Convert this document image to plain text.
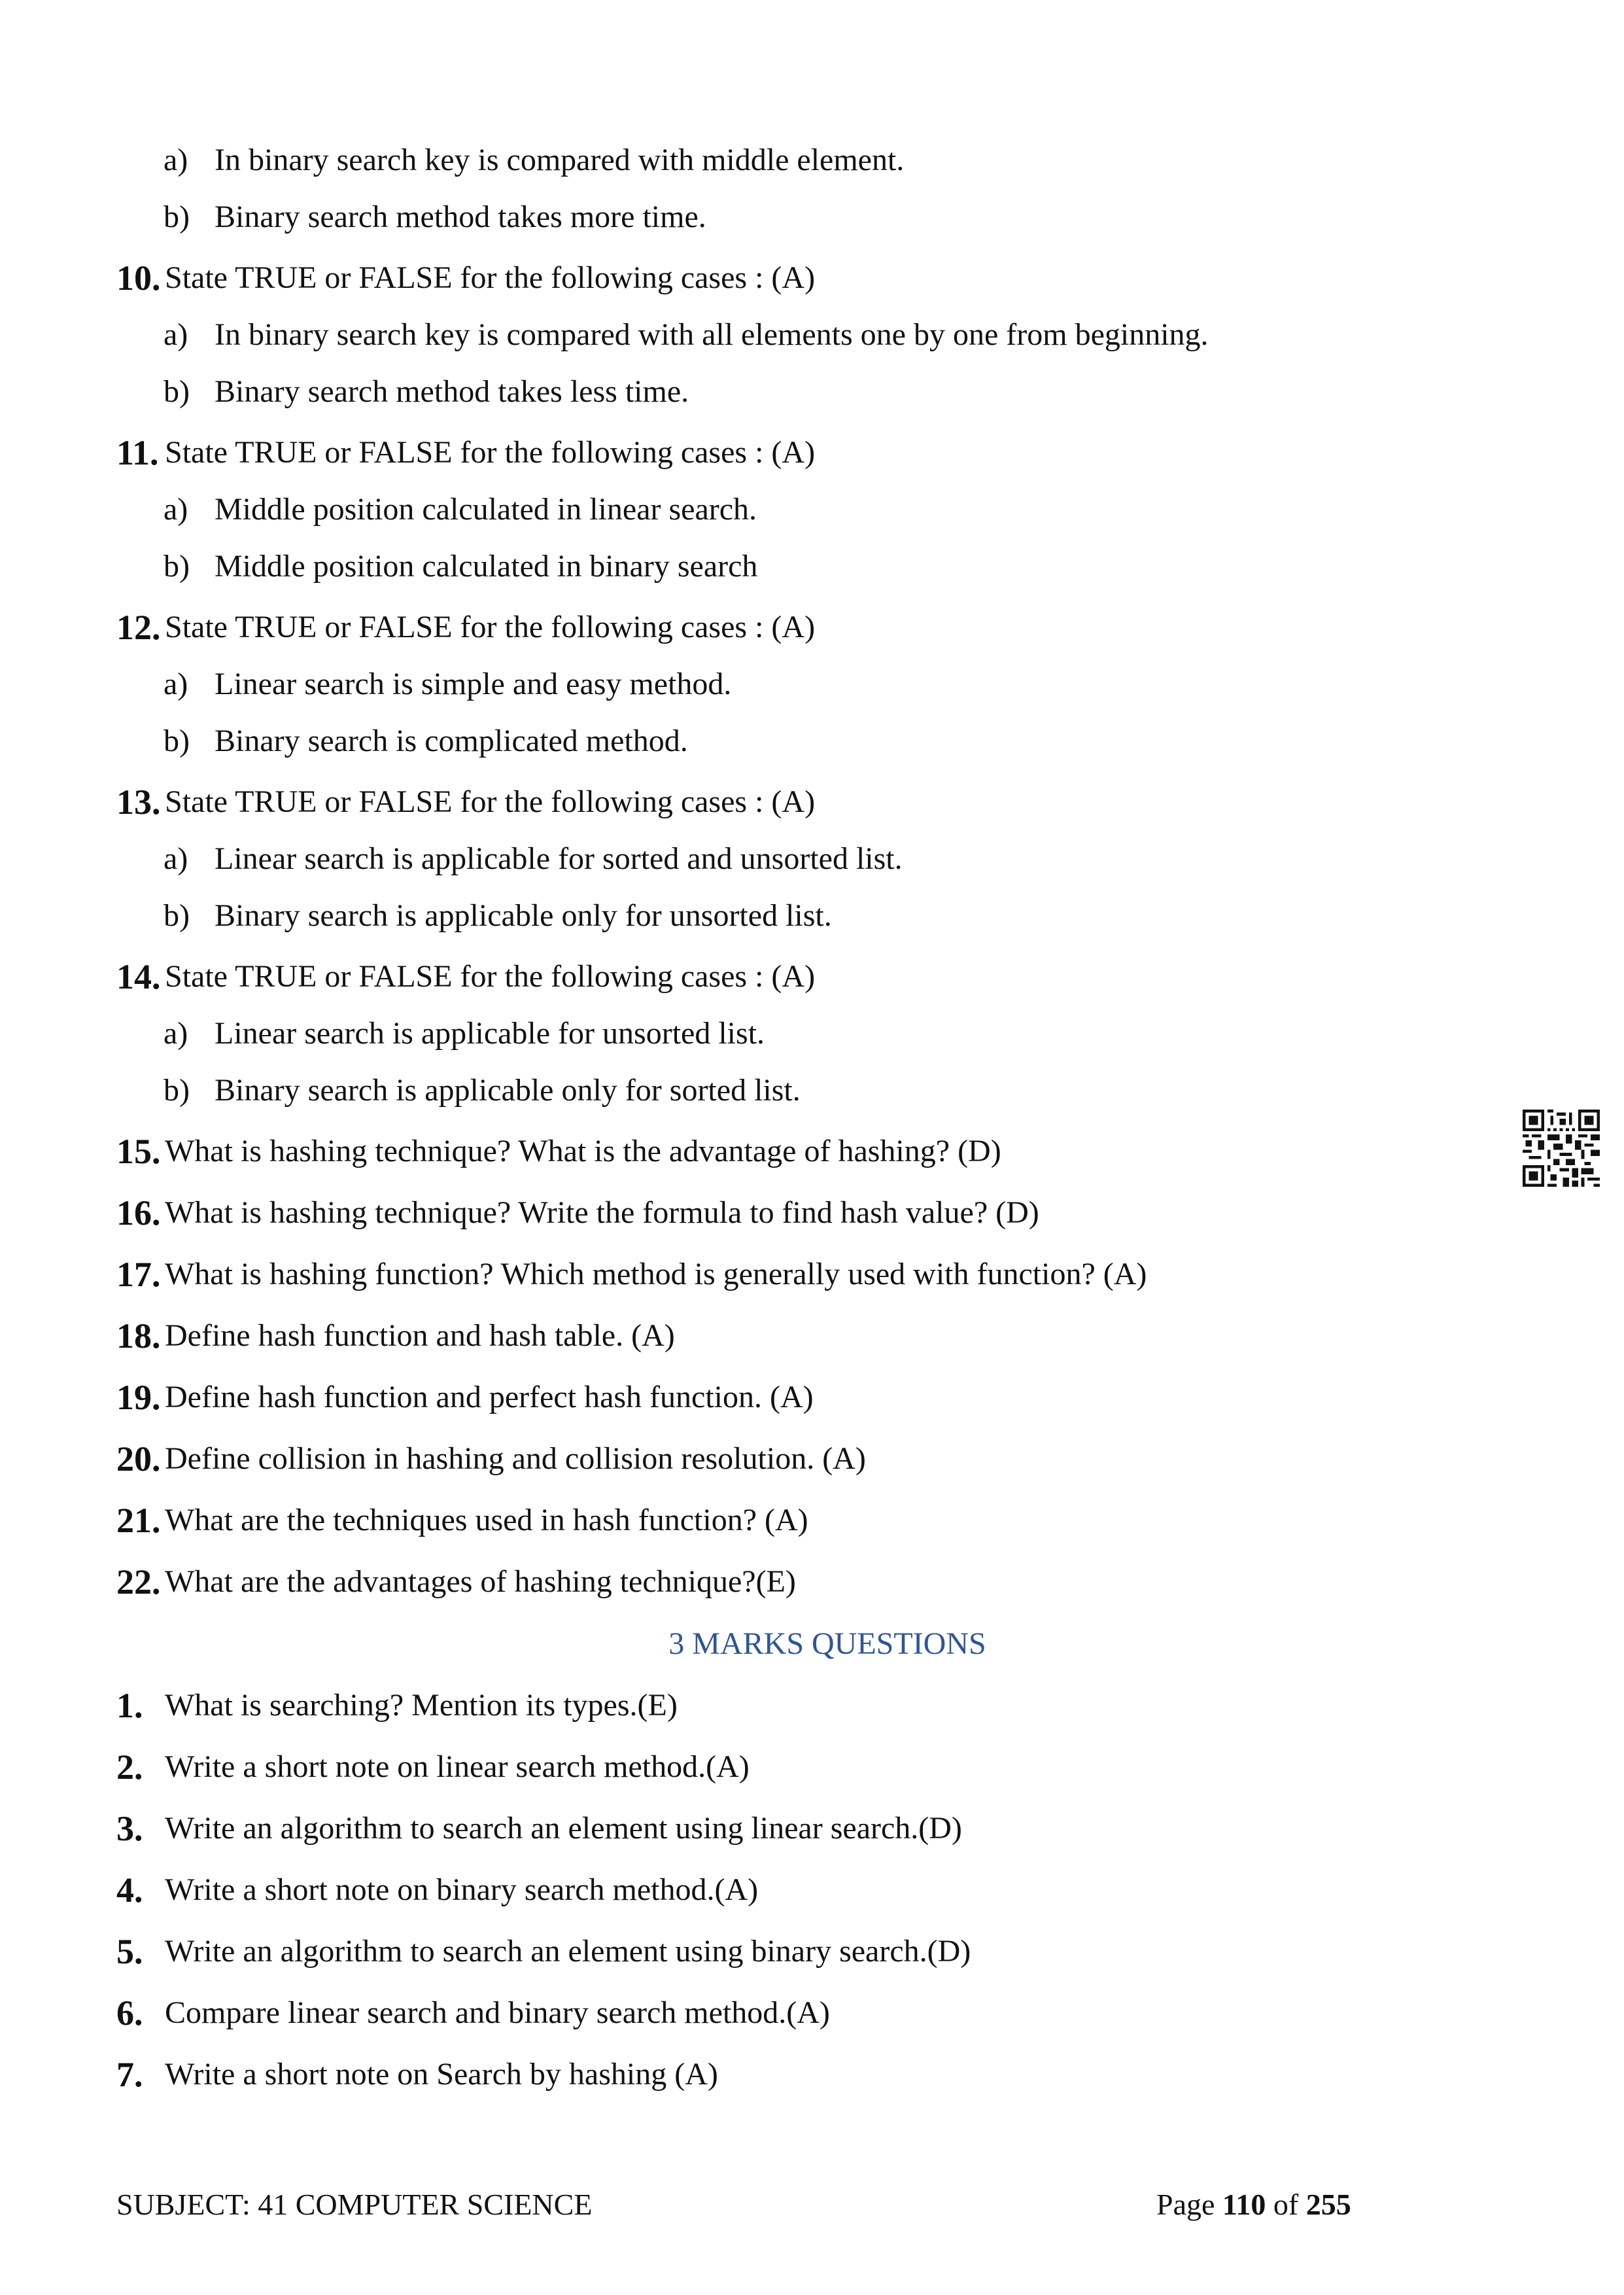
a) In binary search key is compared with middle element.
b) Binary search method takes more time.
10. State TRUE or FALSE for the following cases : (A)
a) In binary search key is compared with all elements one by one from beginning.
b) Binary search method takes less time.
11. State TRUE or FALSE for the following cases : (A)
a) Middle position calculated in linear search.
b) Middle position calculated in binary search
12. State TRUE or FALSE for the following cases : (A)
a) Linear search is simple and easy method.
b) Binary search is complicated method.
13. State TRUE or FALSE for the following cases : (A)
a) Linear search is applicable for sorted and unsorted list.
b) Binary search is applicable only for unsorted list.
14. State TRUE or FALSE for the following cases : (A)
a) Linear search is applicable for unsorted list.
b) Binary search is applicable only for sorted list.
15. What is hashing technique? What is the advantage of hashing? (D)
16. What is hashing technique? Write the formula to find hash value? (D)
17. What is hashing function? Which method is generally used with function? (A)
18. Define hash function and hash table. (A)
19. Define hash function and perfect hash function. (A)
20. Define collision in hashing and collision resolution. (A)
21. What are the techniques used in hash function? (A)
22. What are the advantages of hashing technique?(E)
3 MARKS QUESTIONS
1. What is searching? Mention its types.(E)
2. Write a short note on linear search method.(A)
3. Write an algorithm to search an element using linear search.(D)
4. Write a short note on binary search method.(A)
5. Write an algorithm to search an element using binary search.(D)
6. Compare linear search and binary search method.(A)
7. Write a short note on Search by hashing (A)
SUBJECT: 41 COMPUTER SCIENCE	Page 110 of 255
